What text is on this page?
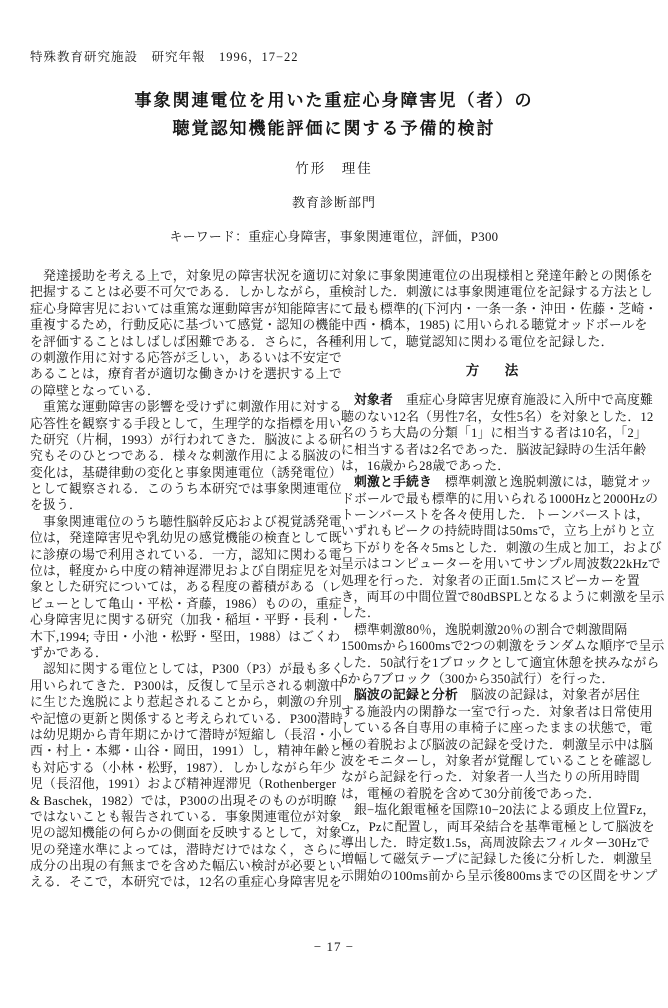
特殊教育研究施設　研究年報　1996，17−22
事象関連電位を用いた重症心身障害児（者）の
聴覚認知機能評価に関する予備的検討
竹形　理佳
教育診断部門
キーワード：重症心身障害，事象関連電位，評価，P300
　発達援助を考える上で，対象児の障害状況を適切に
把握することは必要不可欠である．しかしながら，重
症心身障害児においては重篤な運動障害が知能障害に
重複するため，行動反応に基づいて感覚・認知の機能
を評価することはしばしば困難である．さらに，各種
の刺激作用に対する応答が乏しい，あるいは不安定で
あることは，療育者が適切な働きかけを選択する上で
の障壁となっている．
　重篤な運動障害の影響を受けずに刺激作用に対する
応答性を観察する手段として，生理学的な指標を用い
た研究（片桐，1993）が行われてきた．脳波による研
究もそのひとつである．様々な刺激作用による脳波の
変化は，基礎律動の変化と事象関連電位（誘発電位）
として観察される．このうち本研究では事象関連電位
を扱う．
　事象関連電位のうち聴性脳幹反応および視覚誘発電
位は，発達障害児や乳幼児の感覚機能の検査として既
に診療の場で利用されている．一方，認知に関わる電
位は，軽度から中度の精神遅滞児および自閉症児を対
象とした研究については，ある程度の蓄積がある（レ
ビューとして亀山・平松・斉藤，1986）ものの，重症
心身障害児に関する研究（加我・稲垣・平野・長利・
木下,1994; 寺田・小池・松野・堅田，1988）はごくわ
ずかである．
　認知に関する電位としては，P300（P3）が最も多く
用いられてきた．P300は，反復して呈示される刺激中
に生じた逸脱により惹起されることから，刺激の弁別
や記憶の更新と関係すると考えられている．P300潜時
は幼児期から青年期にかけて潜時が短縮し（長沼・小
西・村上・本郷・山谷・岡田，1991）し，精神年齢と
も対応する（小林・松野，1987）．しかしながら年少
児（長沼他，1991）および精神遅滞児（Rothenberger
& Baschek，1982）では，P300の出現そのものが明瞭
ではないことも報告されている．事象関連電位が対象
児の認知機能の何らかの側面を反映するとして，対象
児の発達水準によっては，潜時だけではなく，さらに
成分の出現の有無までを含めた幅広い検討が必要とい
える．そこで，本研究では，12名の重症心身障害児を
対象に事象関連電位の出現様相と発達年齢との関係を
検討した．刺激には事象関連電位を記録する方法とし
て最も標準的(下河内・一条一条・沖田・佐藤・芝崎・
中西・橋本，1985) に用いられる聴覚オッドボールを
利用して，聴覚認知に関わる電位を記録した．
方　法
　対象者　重症心身障害児療育施設に入所中で高度難
聴のない12名（男性7名，女性5名）を対象とした．12
名のうち大島の分類「1」に相当する者は10名，「2」
に相当する者は2名であった．脳波記録時の生活年齢
は，16歳から28歳であった．
　刺激と手続き　標準刺激と逸脱刺激には，聴覚オッ
ドボールで最も標準的に用いられる1000Hzと2000Hzの
トーンバーストを各々使用した．トーンバーストは，
いずれもピークの持続時間は50msで，立ち上がりと立
ち下がりを各々5msとした．刺激の生成と加工，および
呈示はコンピューターを用いてサンプル周波数22kHzで
処理を行った．対象者の正面1.5mにスピーカーを置
き，両耳の中間位置で80dBSPLとなるように刺激を呈示
した．
　標準刺激80％，逸脱刺激20％の割合で刺激間隔
1500msから1600msで2つの刺激をランダムな順序で呈示
した．50試行を1ブロックとして適宜休憩を挟みながら
6から7ブロック（300から350試行）を行った．
　脳波の記録と分析　脳波の記録は，対象者が居住
する施設内の閑静な一室で行った．対象者は日常使用
している各自専用の車椅子に座ったままの状態で，電
極の着脱および脳波の記録を受けた．刺激呈示中は脳
波をモニターし，対象者が覚醒していることを確認し
ながら記録を行った．対象者一人当たりの所用時間
は，電極の着脱を含めて30分前後であった．
　銀−塩化銀電極を国際10−20法による頭皮上位置Fz，
Cz，Pzに配置し，両耳朶結合を基準電極として脳波を
導出した．時定数1.5s，高周波除去フィルター30Hzで
増幅して磁気テープに記録した後に分析した．刺激呈
示開始の100ms前から呈示後800msまでの区間をサンプ
− 17 −
